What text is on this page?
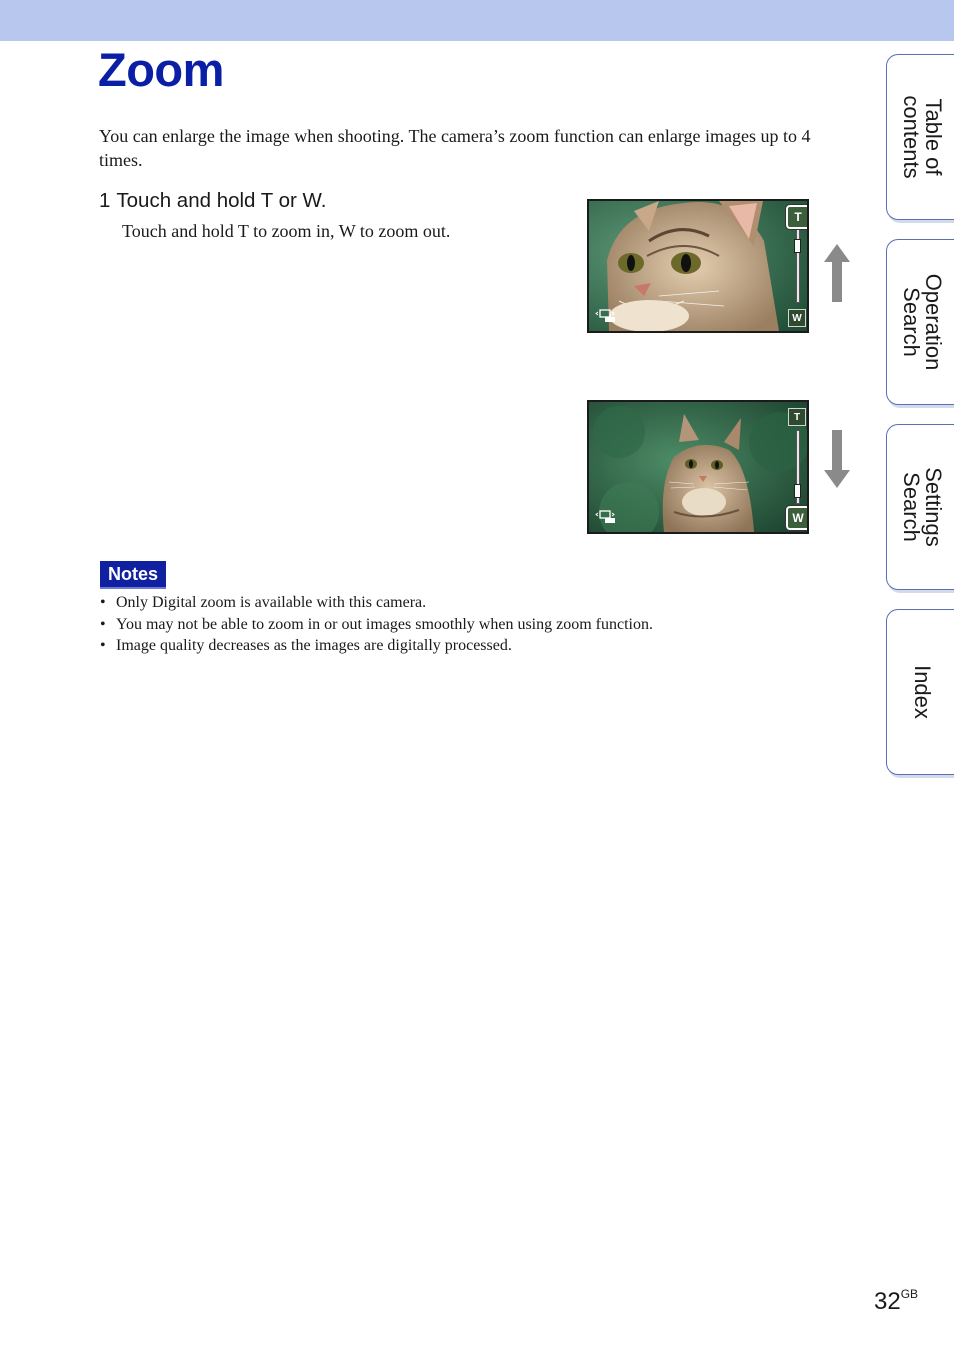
Zoom

You can enlarge the image when shooting. The camera’s zoom function can enlarge images up to 4 times.

1 Touch and hold T or W.

Touch and hold T to zoom in, W to zoom out.

T
W
T
W
Notes
• Only Digital zoom is available with this camera.
• You may not be able to zoom in or out images smoothly when using zoom function.
• Image quality decreases as the images are digitally processed.
Table of
contents
Operation
Search
Settings
Search
Index
$32^{GB}$
